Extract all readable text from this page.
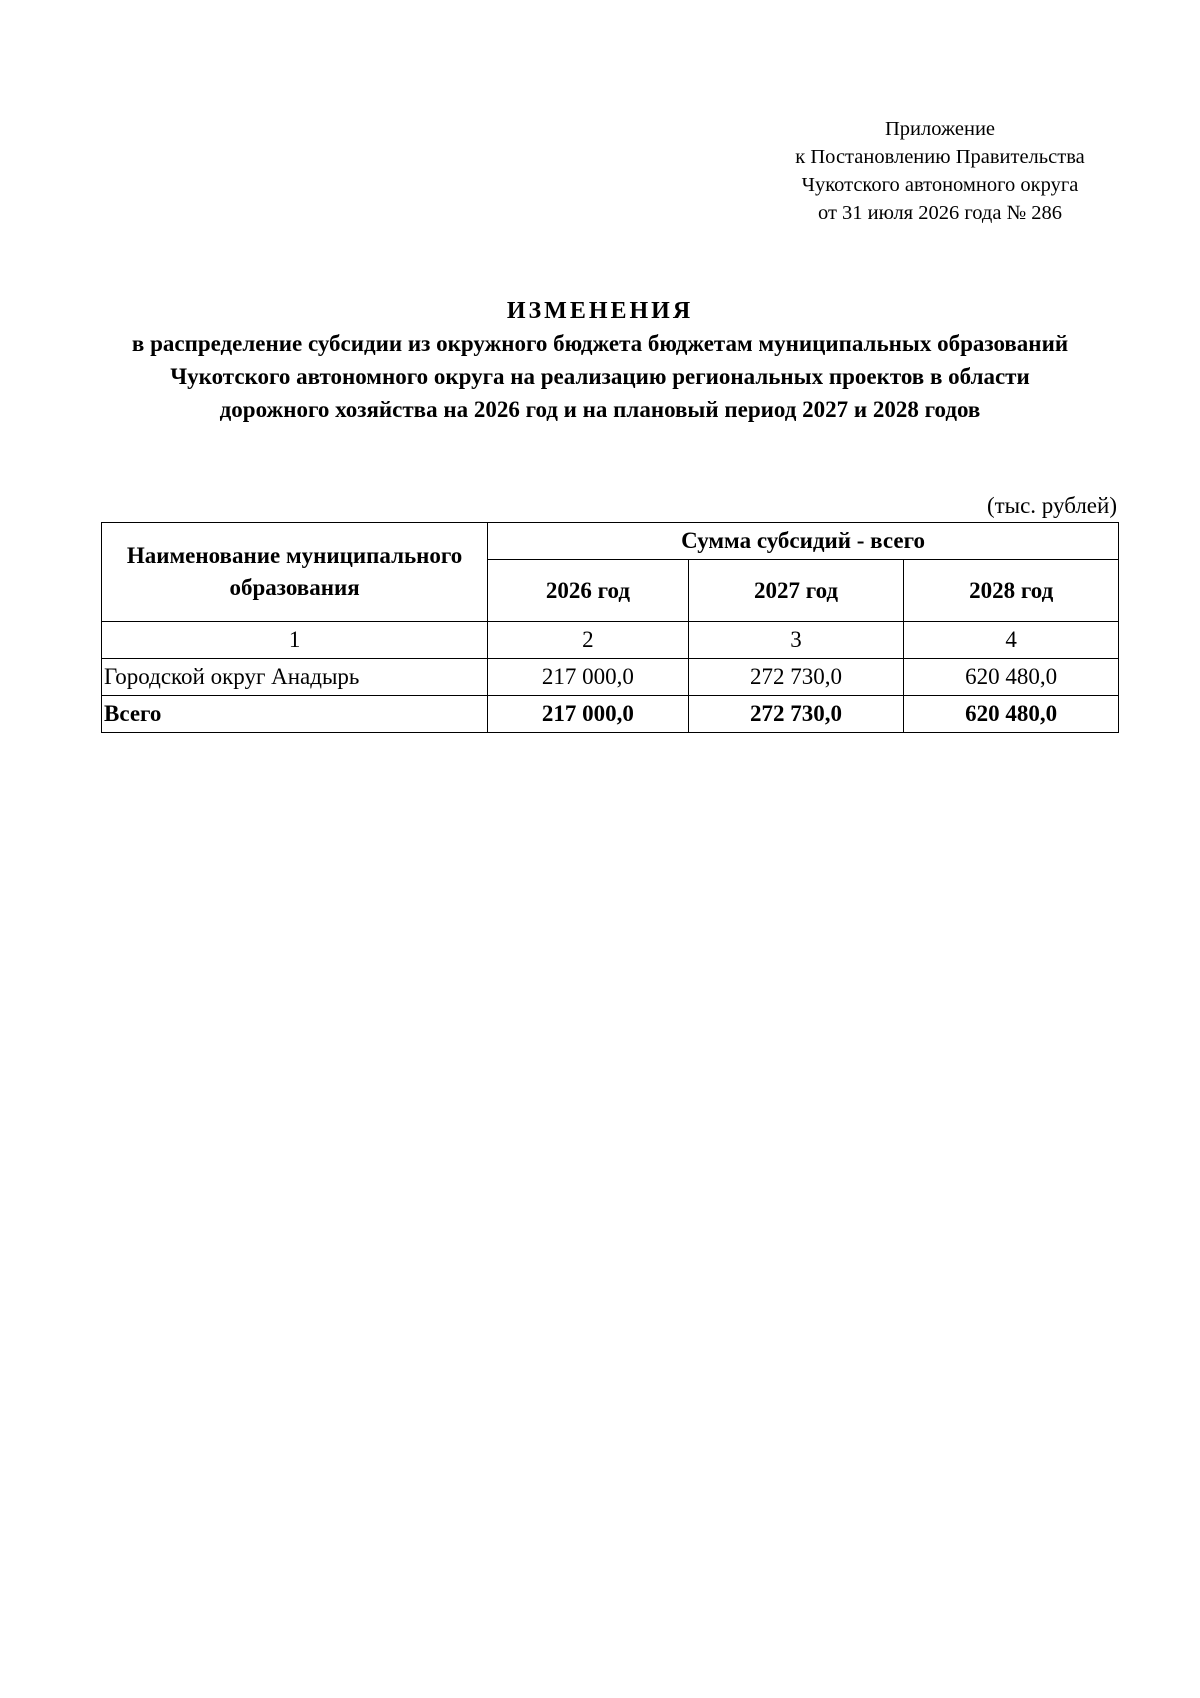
Приложение
к Постановлению Правительства
Чукотского автономного округа
от 31 июля 2026 года № 286
ИЗМЕНЕНИЯ
в распределение субсидии из окружного бюджета бюджетам муниципальных образований Чукотского автономного округа на реализацию региональных проектов в области дорожного хозяйства на 2026 год и на плановый период 2027 и 2028 годов
(тыс. рублей)
Наименование муниципального образования	Сумма субсидий - всего		
	2026 год	2027 год	2028 год
1	2	3	4
Городской округ Анадырь	217 000,0	272 730,0	620 480,0
Всего	217 000,0	272 730,0	620 480,0
